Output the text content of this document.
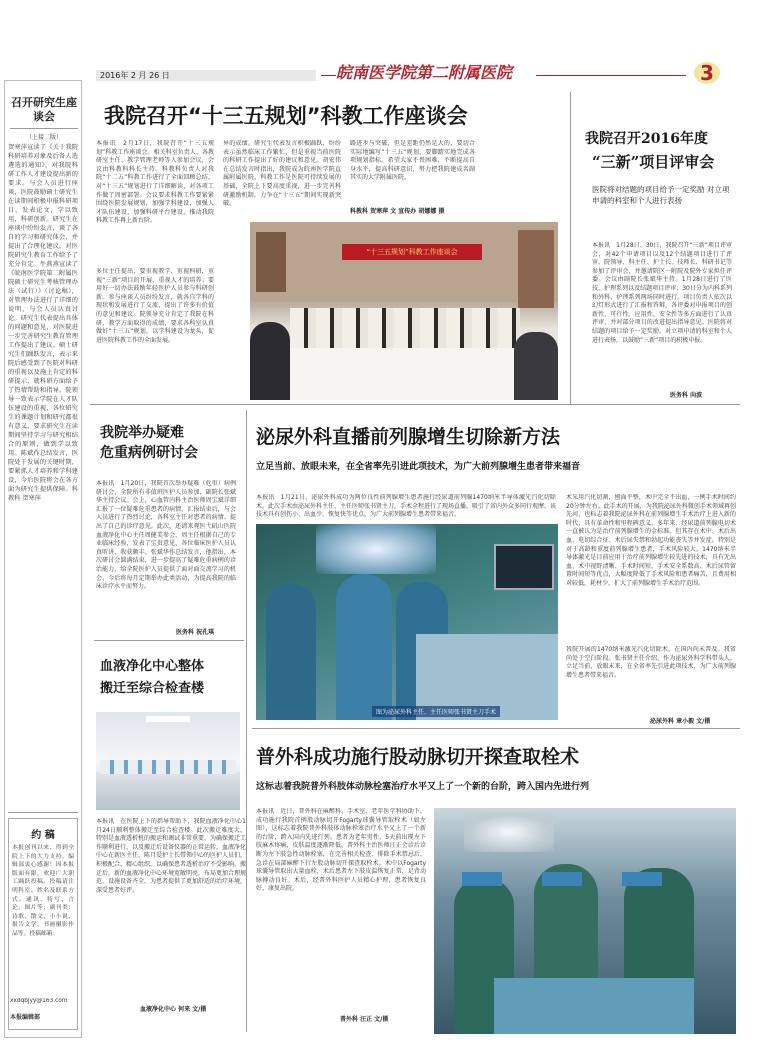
2016年 2 月 26 日	皖南医学院第二附属医院	3
召开研究生座谈会
（上接二版）
贺寒萍宣读了《关于我院科研培养对象及后备人选遴选的通知》，对我院科研工作人才建设提出新的要求。与会人员进行座谈，医院鼓励硕士研究生在读期间积极申报科研项目，发表论文，学以致用，科研创新。研究生在座谈中纷纷发言，谈了各自的学习和研究体会，并提出了合理化建议，对医院研究生教育工作给予了充分肯定。牛燕燕宣读了《皖南医学院第二附属医院硕士研究生考核管理办法（试行）》（讨论稿），对管理办法进行了详细的说明，与会人员认真讨论。研究生代表提出具体的问题和意见，对医院进一步完善研究生教育管理工作提出了建议。硕士研究生们踊跃发言，表示来院后感受到了医院对科研的重视以及施上肯定的科研提示，就科研方面给予了热情帮助和指导。院领导一致表示学院在人才队伍建设的重视，各位研究生的课题计划和研究都很有意义，要求研究生在读期间坚持学习与研究相结合的原则，做到学以致用。陈斌作总结发言，医院处于发展的关键时期，要紧抓人才培养和学科建设，今后医院将会在各方面为研究生提供保障。科教科 贺寒萍
约 稿
本报创刊以来，得到全院上下的大力支持，编辑部衷心感谢！因本报版面有限，欢迎广大职工踊跃投稿。投稿请注明科室、姓名及联系方式。通讯、特写、言论、图片等；副刊类：诗歌、散文、小小说、报告文学、书画摄影作品等。投稿邮箱：
xxdqbjyy@163.com
本报编辑部
我院召开“十三五规划”科教工作座谈会
本报讯　2月17日，我院召开“十三五规划”科教工作座谈会。相关科室负责人、各教研室主任、教学管理老师等人参加会议，会议由科教科科长主持。科教科负责人对我院“十二五”科教工作进行了全面回顾总结，对“十三五”规划进行了详细解读，对各项工作做了周密部署。会议要求科教工作要紧紧围绕医院发展规划，加强学科建设，加强人才队伍建设，加强科研平台建设，推动我院科教工作再上新台阶。
多位主任提出，要重视教学、重视科研，重视“三新”项目的开展，重视人才的培养；要用好一切办法鼓励年轻医护人员参与科研创新。参与座谈人员纷纷发言，就各自学科的现状和发展进行了交流，提出了许多有价值的意见和建议。院领导充分肯定了我院在科研、教学方面取得的成绩，要求各科室认真做好“十三五”规划，以学科建设为龙头，促进医院科教工作的全面发展。
异的成绩。研究生代表发言积极踊跃，纷纷表示虽然临床工作繁忙，但是重视当前医院的科研工作提出了好的建议和意见。胡宏伟在总结发言时指出，我院成为皖南医学院直属附属医院，科教工作是医院可持续发展的基础，全院上下要高度重视，进一步完善科研激励机制，力争在“十三五”期间实现新突破。
路进步与突破，但是差距仍然是大的，要切合实际地编写“十三五”规划，要脚踏实地完成各项规划指标。希望大家不畏困难，不断提高自身水平，提高科研意识，努力把我院建成名副其实的大学附属医院。
科教科 贺寒萍 文 宣传办 胡娜娜 摄
“十三五规划”科教工作座谈会
我院召开2016年度
“三新”项目评审会
医院将对结题的项目给予一定奖励 对立项申请的科室和个人进行表扬
本报讯　1月28日、30日，我院召开“三新”项目评审会，对42个申请项目以及12个结题项目进行了评审。院领导、科主任、护士长、技师长、科研书记等参加了评审会，并邀请院区一附院及院外专家担任评委。会议由副院长张斌华主持。1月28日进行了医技、护理系列以及结题项目评审；30日分为内科系列和外科、护理系列两场同时进行。项目负责人依次以幻灯形式进行了汇报和答辩，各评委对申报项目的创新性、可行性、应用性、安全性等多方面进行了认真评审，并对部分项目的改进提出指导意见。医院将对结题的项目给予一定奖励，对立项申请的科室和个人进行表扬，以鼓励“三新”项目的积极申报。
医务科 向波
我院举办疑难
危重病例研讨会
本报讯　1月20日，我院首次举办疑难（危重）病例研讨会，全院所有非值班医护人员参加，副院长张斌华主持会议。会上，心血管内科主治医师周宝斌详细汇报了一位疑难危重患者的病情，汇报结束后，与会人员进行了热烈讨论，各科室主任对患者的病情、提出了自己的诊疗意见。此次，还请来观医弋矶山医院血液净化中心主任周健美参会，周主任根据自己的专业临床经验，发表了宝贵意见，各位临床医护人员认真听讲、收获颇丰。张斌华作总结发言，他指出，本次研讨会圆满结束，进一步提高了疑难危重病例的诊治能力，给全院医护人员提供了面对面交流学习的机会，今后将每月定期举办此类活动，为提高我院的临床诊疗水平而努力。
医务科 祝孔琪
血液净化中心整体
搬迁至综合检查楼
本报讯　在医院上下的指导帮助下，我院血液净化中心1月24日顺利整体搬迁至综合检查楼。此次搬迁难度大，特别是血液透析机的搬运和调试非常重要，为确保搬迁工作顺利进行，以及搬迁后设备仪器的正常运转，血液净化中心在新医主任、陈月爱护士长带领中心的医护人员们，积极配合，精心组织，以确保患者透析治疗不受影响。搬迁后，新的血液净化中心环境宽敞明亮，布局更加合理规范，设施设备齐全，为患者提供了更加舒适的治疗环境，深受患者好评。
血液净化中心 何来 文/摄
泌尿外科直播前列腺增生切除新方法
立足当前、放眼未来，在全省率先引进此项技术，为广大前列腺增生患者带来福音
本报讯　1月21日，泌尿外科成功为两位良性前列腺增生患者施行经尿道前列腺1470纳米半导体激光汽化切除术。此次手术由泌尿外科主任、主任医师张书贤主刀，手术全程进行了现场直播，吸引了省内外众多同行观摩。该技术具有创伤小、出血少、恢复快等优点，为广大前列腺增生患者带来福音。
图为泌尿外科主任、主任医师张书贤主刀手术
术采用汽化切割，刨面平整，术中完全不出血，一例手术时间约20分钟左右。此手术的开展，为我院泌尿外科微创手术领域再创先河，也标志着我院泌尿外科在前列腺增生手术治疗上进入新的时代，具有革命性和里程碑意义。多年来，经尿道前列腺电切术一直被认为是治疗前列腺增生的金标准。但其存在术中、术后出血、电切综合征、术后尿失禁和勃起功能丧失等并发症。特别是对于高龄和重度前列腺增生患者，手术风险较大。1470纳米半导体激光是目前应用于治疗前列腺增生较先进的技术，具有无出血、术中视野清晰、手术时间短、手术安全系数高、术后尿管留置时间短等优点，大幅度降低了手术风险和患者痛苦，且费用相对较低，耗材少，扩大了前列腺增生手术治疗范围。
我院开展的1470纳米激光汽化切除术，在国内尚未普及。我省尚处于空白阶段。张书贤主任介绍，作为泌尿外科学科带头人，立足当前，放眼未来，在全省率先引进此项技术，为广大前列腺增生患者带来福音。
泌尿外科 章小毅 文/摄
普外科成功施行股动脉切开探查取栓术
这标志着我院普外科肢体动脉栓塞治疗水平又上了一个新的台阶，跨入国内先进行列
本报讯　近日，普外科在麻醉科、手术室、老年医学科协助下，成功施行我院首例股动脉切开Fogarty球囊导管取栓术（如左图），这标志着我院普外科肢体动脉栓塞治疗水平又上了一个新的台阶，跨入国内先进行列。患者为老年男性，5天前出现左下肢麻木疼痛，皮肤温度逐渐降低。普外科主治医师汪正会诊后诊断为左下肢急性动脉栓塞，在完善相关检查、排除手术禁忌后，急诊在局部麻醉下行左股动脉切开探查取栓术。术中以Fogarty球囊导管取出大量血栓，术后患者左下肢皮温恢复正常，足背动脉搏动良好。术后，经普外科医护人员精心护理，患者恢复良好，康复出院。
普外科 汪正 文/摄
